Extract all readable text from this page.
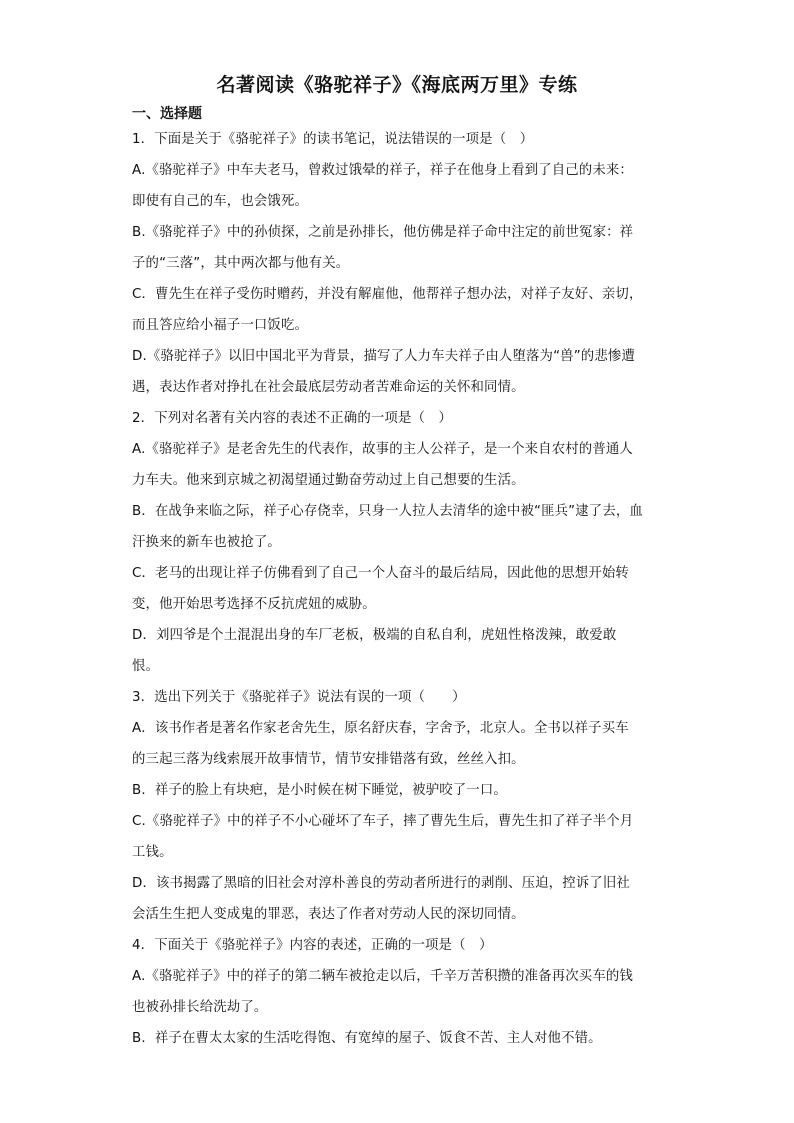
名著阅读《骆驼祥子》《海底两万里》专练
一、选择题
1．下面是关于《骆驼祥子》的读书笔记，说法错误的一项是（　）
A.《骆驼祥子》中车夫老马，曾救过饿晕的祥子，祥子在他身上看到了自己的未来：
即使有自己的车，也会饿死。
B.《骆驼祥子》中的孙侦探，之前是孙排长，他仿佛是祥子命中注定的前世冤家：祥
子的“三落”，其中两次都与他有关。
C．曹先生在祥子受伤时赠药，并没有解雇他，他帮祥子想办法，对祥子友好、亲切，
而且答应给小福子一口饭吃。
D.《骆驼祥子》以旧中国北平为背景，描写了人力车夫祥子由人堕落为“兽”的悲惨遭
遇，表达作者对挣扎在社会最底层劳动者苦难命运的关怀和同情。
2．下列对名著有关内容的表述不正确的一项是（　）
A.《骆驼祥子》是老舍先生的代表作，故事的主人公祥子，是一个来自农村的普通人
力车夫。他来到京城之初渴望通过勤奋劳动过上自己想要的生活。
B．在战争来临之际，祥子心存侥幸，只身一人拉人去清华的途中被“匪兵”逮了去，血
汗换来的新车也被抢了。
C．老马的出现让祥子仿佛看到了自己一个人奋斗的最后结局，因此他的思想开始转
变，他开始思考选择不反抗虎妞的威胁。
D．刘四爷是个土混混出身的车厂老板，极端的自私自利，虎妞性格泼辣，敢爱敢
恨。
3．选出下列关于《骆驼祥子》说法有误的一项（　　）
A．该书作者是著名作家老舍先生，原名舒庆春，字舍予，北京人。全书以祥子买车
的三起三落为线索展开故事情节，情节安排错落有致，丝丝入扣。
B．祥子的脸上有块疤，是小时候在树下睡觉，被驴咬了一口。
C.《骆驼祥子》中的祥子不小心碰坏了车子，摔了曹先生后，曹先生扣了祥子半个月
工钱。
D．该书揭露了黑暗的旧社会对淳朴善良的劳动者所进行的剥削、压迫，控诉了旧社
会活生生把人变成鬼的罪恶，表达了作者对劳动人民的深切同情。
4．下面关于《骆驼祥子》内容的表述，正确的一项是（　）
A.《骆驼祥子》中的祥子的第二辆车被抢走以后，千辛万苦积攒的准备再次买车的钱
也被孙排长给洗劫了。
B．祥子在曹太太家的生活吃得饱、有宽绰的屋子、饭食不苦、主人对他不错。
